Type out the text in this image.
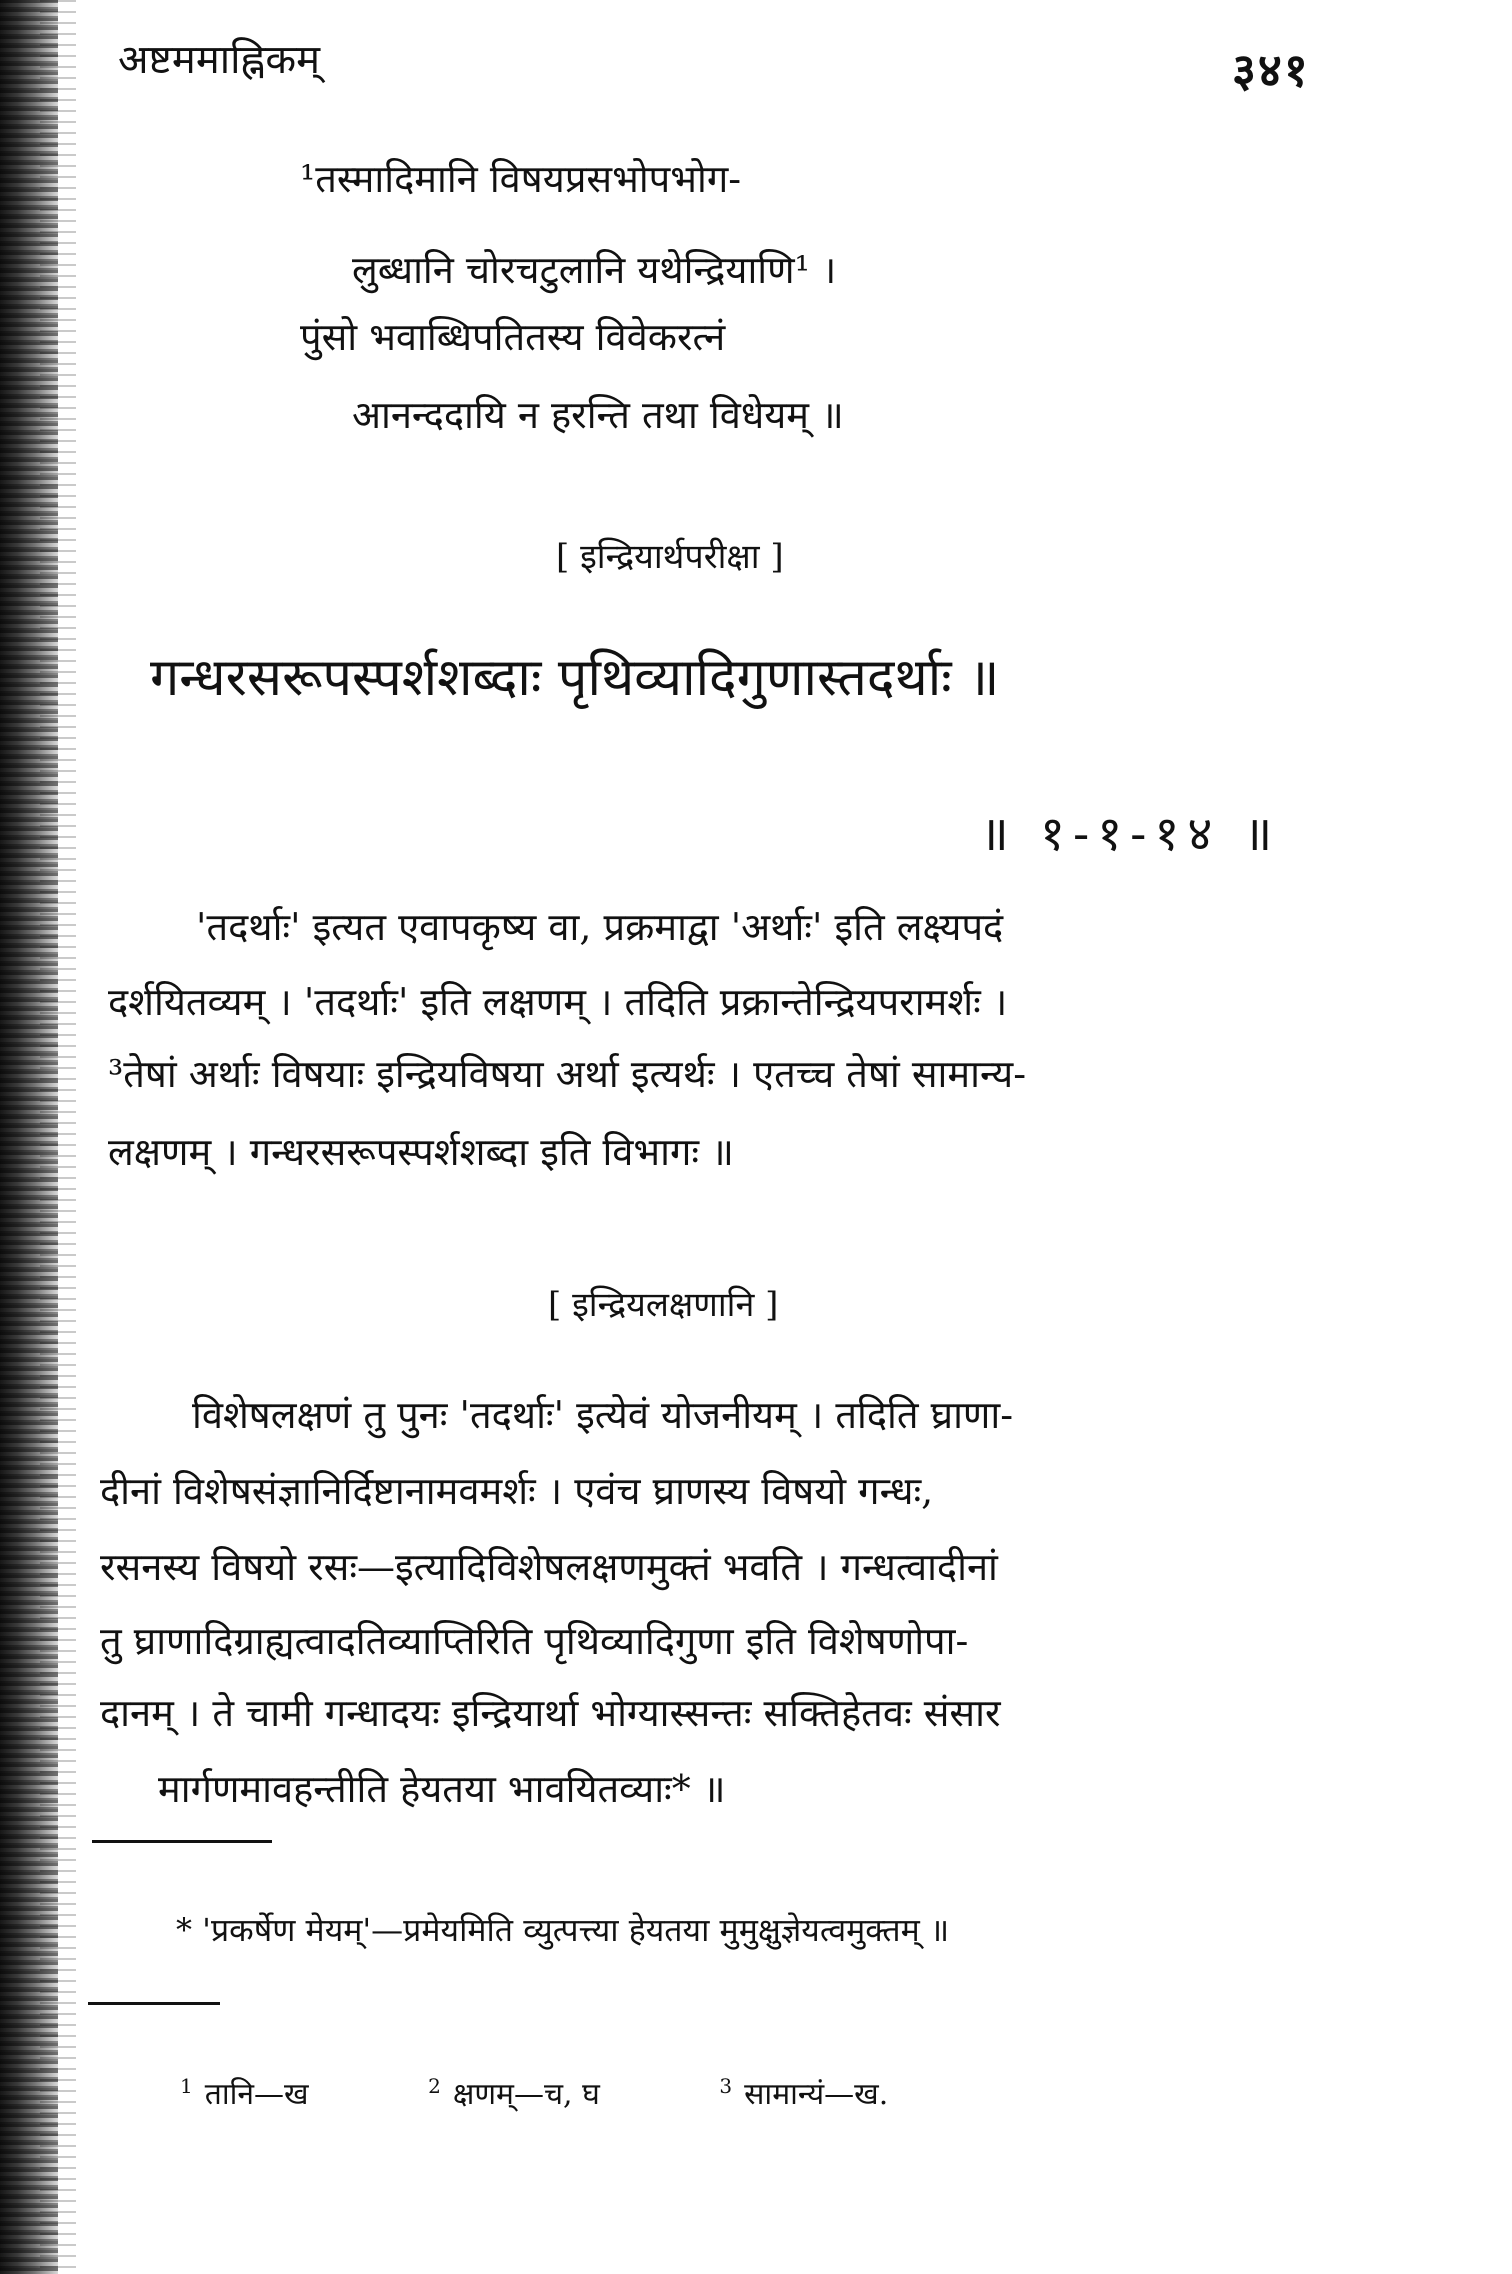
अष्टममाह्निकम्	३४१
¹तस्मादिमानि विषयप्रसभोपभोग-
लुब्धानि चोरचटुलानि यथेन्द्रियाणि¹ ।
पुंसो भवाब्धिपतितस्य विवेकरत्नं
आनन्ददायि न हरन्ति तथा विधेयम् ॥
[ इन्द्रियार्थपरीक्षा ]
गन्धरसरूपस्पर्शशब्दाः पृथिव्यादिगुणास्तदर्थाः ॥
॥ १-१-१४ ॥
'तदर्थाः' इत्यत एवापकृष्य वा, प्रक्रमाद्वा 'अर्थाः' इति लक्ष्यपदं
दर्शयितव्यम् । 'तदर्थाः' इति लक्षणम् । तदिति प्रक्रान्तेन्द्रियपरामर्शः ।
³तेषां अर्थाः विषयाः इन्द्रियविषया अर्था इत्यर्थः । एतच्च तेषां सामान्य-
लक्षणम् । गन्धरसरूपस्पर्शशब्दा इति विभागः ॥
[ इन्द्रियलक्षणानि ]
विशेषलक्षणं तु पुनः 'तदर्थाः' इत्येवं योजनीयम् । तदिति घ्राणा-
दीनां विशेषसंज्ञानिर्दिष्टानामवमर्शः । एवंच घ्राणस्य विषयो गन्धः,
रसनस्य विषयो रसः—इत्यादिविशेषलक्षणमुक्तं भवति । गन्धत्वादीनां
तु घ्राणादिग्राह्यत्वादतिव्याप्तिरिति पृथिव्यादिगुणा इति विशेषणोपा-
दानम् । ते चामी गन्धादयः इन्द्रियार्था भोग्यास्सन्तः सक्तिहेतवः संसार
मार्गणमावहन्तीति हेयतया भावयितव्याः* ॥
* 'प्रकर्षेण मेयम्'—प्रमेयमिति व्युत्पत्त्या हेयतया मुमुक्षुज्ञेयत्वमुक्तम् ॥
$^1$ तानि—ख	$^2$ क्षणम्—च, घ	$^3$ सामान्यं—ख.
